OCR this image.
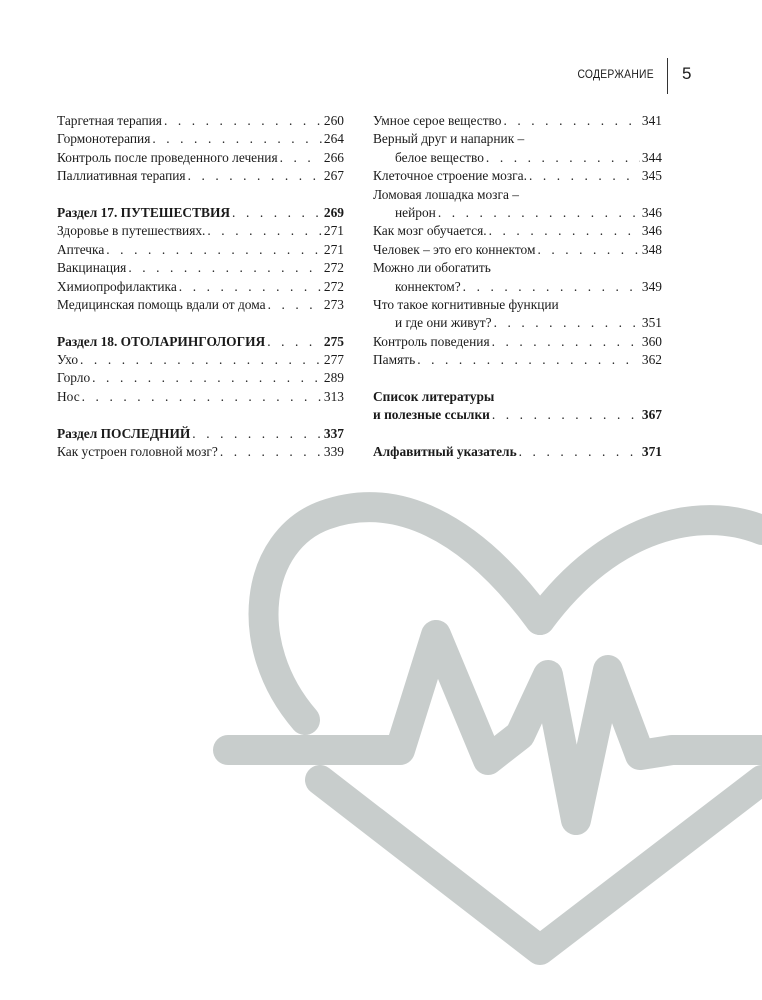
СОДЕРЖАНИЕ 5
Таргетная терапия . . .	260
Гормонотерапия . . .	264
Контроль после проведенного лечения . . .	266
Паллиативная терапия . . .	267
Раздел 17. ПУТЕШЕСТВИЯ . . .	269
Здоровье в путешествиях. . . .	271
Аптечка . . .	271
Вакцинация . . .	272
Химиопрофилактика . . .	272
Медицинская помощь вдали от дома . . .	273
Раздел 18. ОТОЛАРИНГОЛОГИЯ . . .	275
Ухо . . .	277
Горло . . .	289
Нос . . .	313
Раздел ПОСЛЕДНИЙ . . .	337
Как устроен головной мозг? . . .	339
Умное серое вещество . . .	341
Верный друг и напарник –
белое вещество . . .	344
Клеточное строение мозга. . . .	345
Ломовая лошадка мозга –
нейрон . . .	346
Как мозг обучается. . . .	346
Человек – это его коннектом . . .	348
Можно ли обогатить
коннектом? . . .	349
Что такое когнитивные функции
и где они живут? . . .	351
Контроль поведения . . .	360
Память . . .	362
Список литературы
и полезные ссылки . . .	367
Алфавитный указатель . . .	371
